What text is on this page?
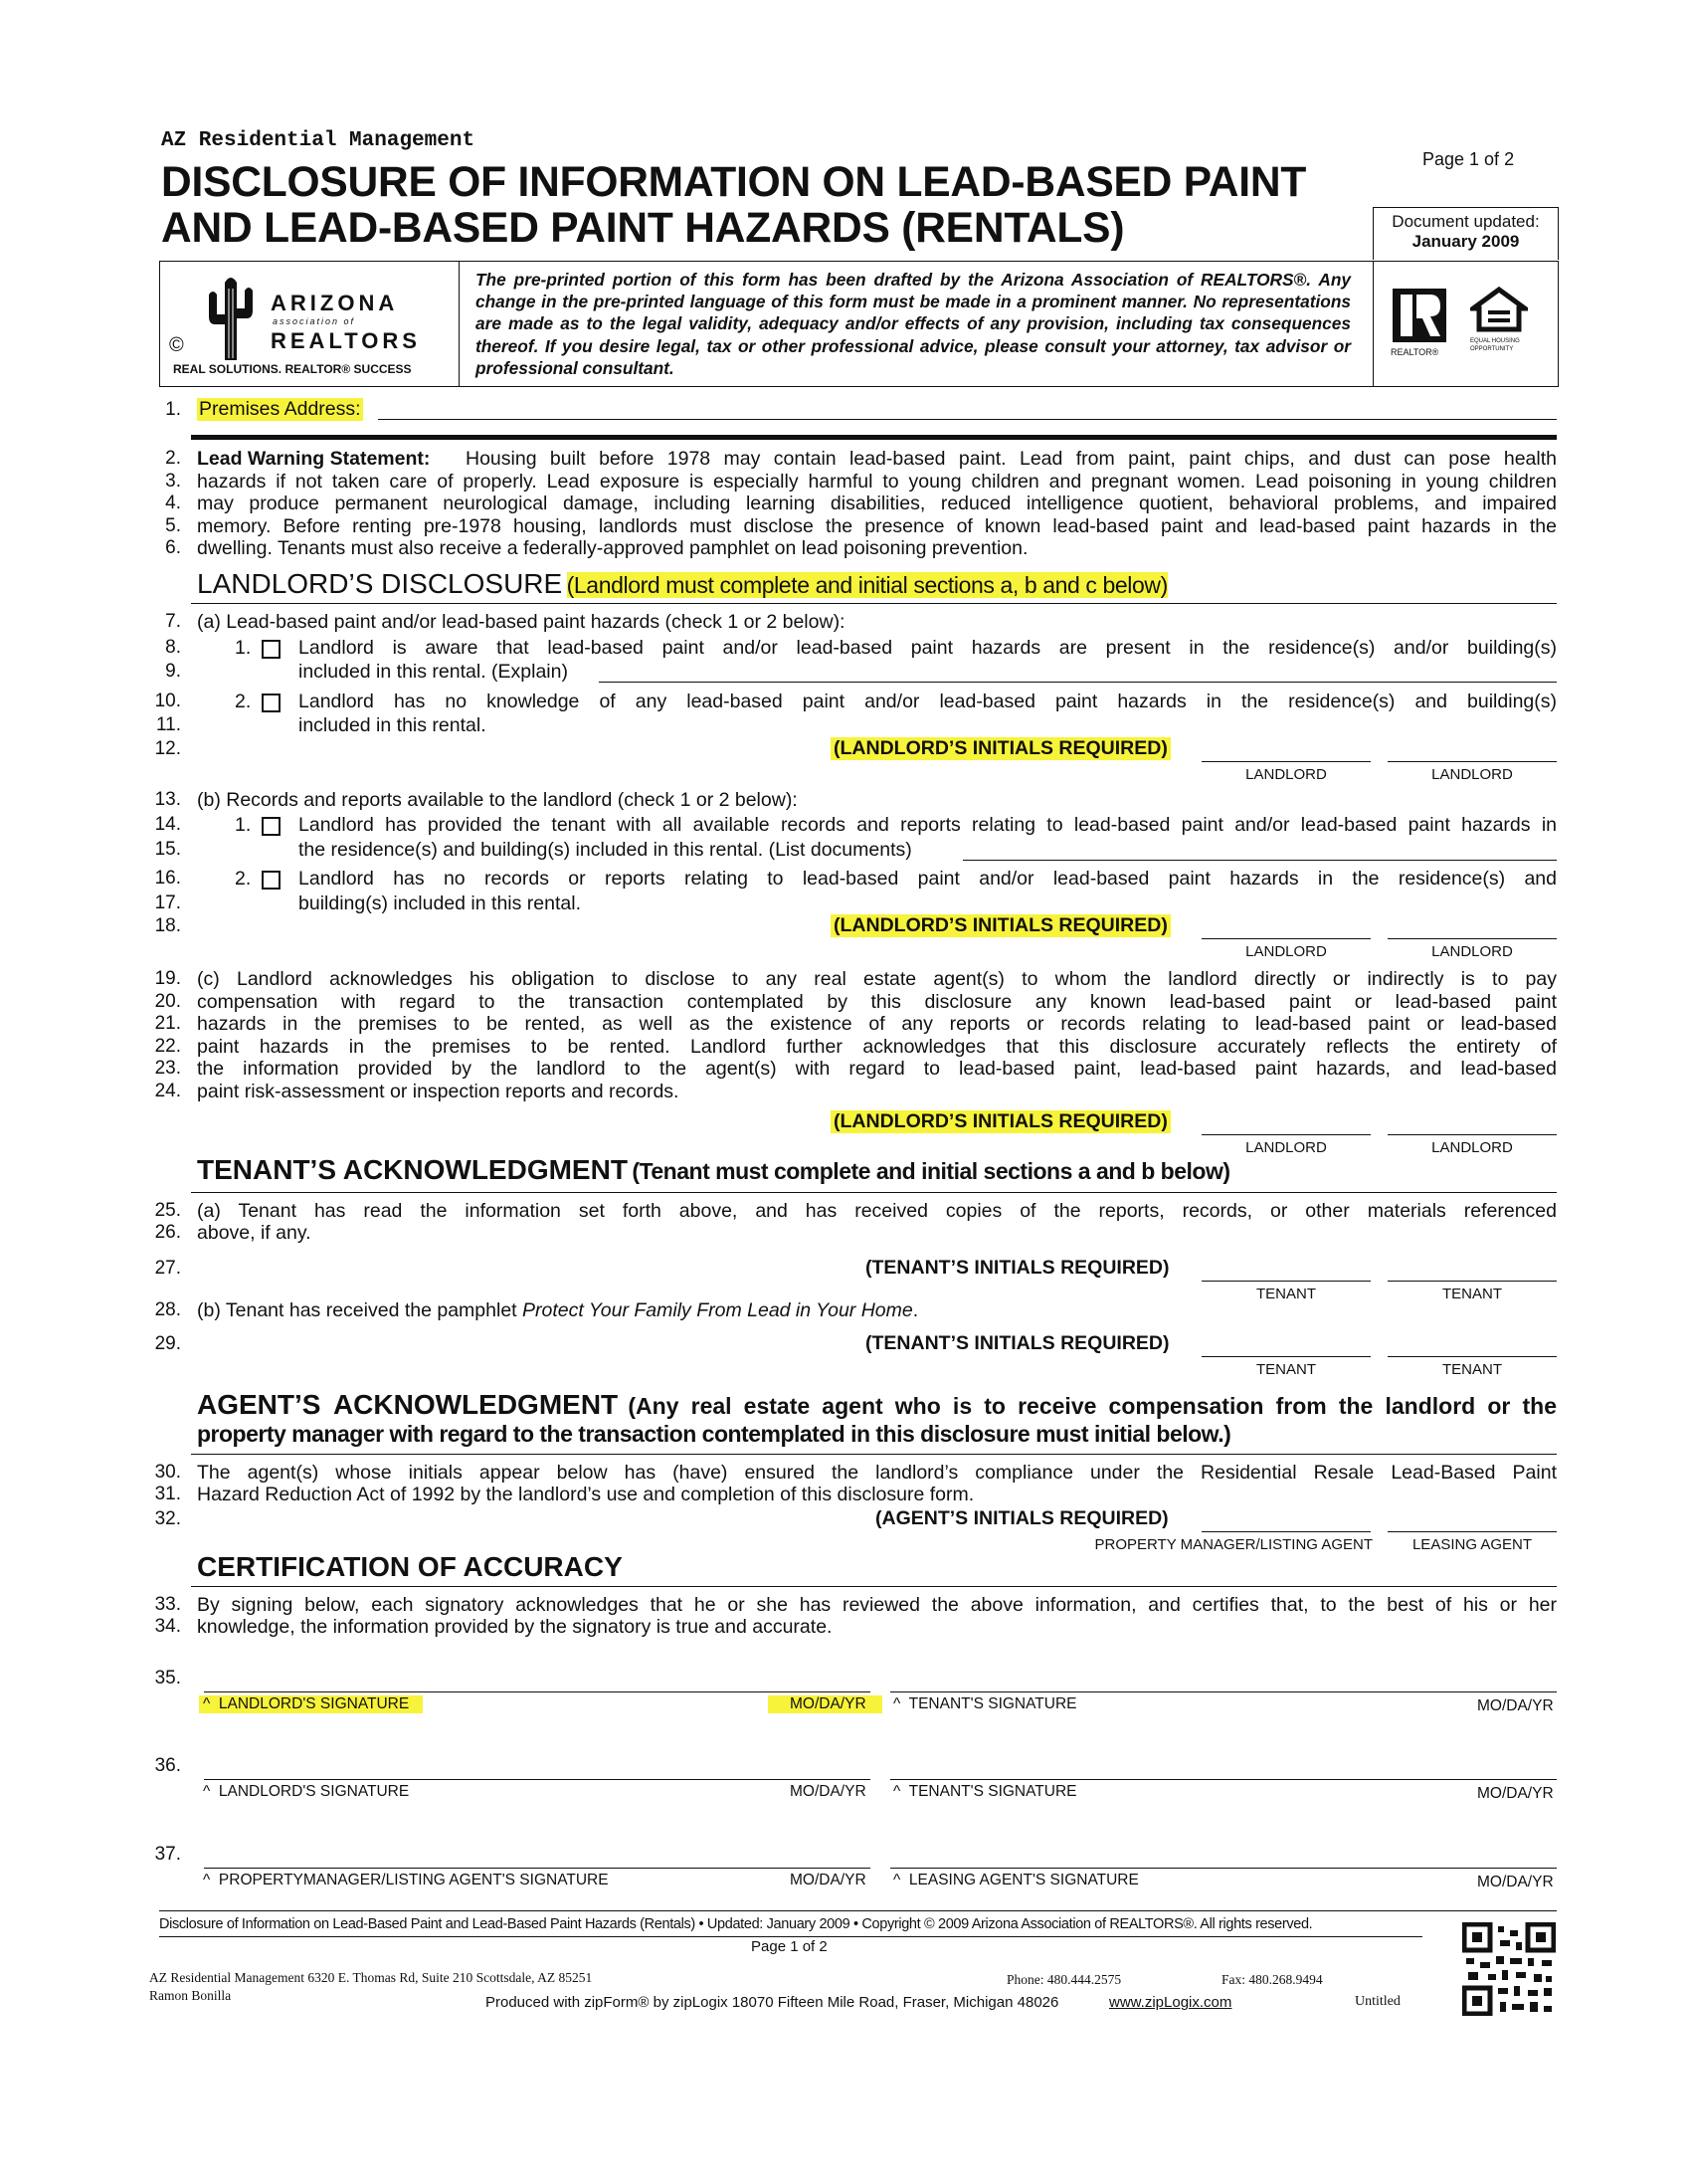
AZ Residential Management
DISCLOSURE OF INFORMATION ON LEAD-BASED PAINT
AND LEAD-BASED PAINT HAZARDS (RENTALS)
Page 1 of 2
Document updated:
January 2009
ARIZONA
association of
REALTORS
©
REAL SOLUTIONS. REALTOR® SUCCESS
The pre-printed portion of this form has been drafted by the Arizona Association of REALTORS®. Any change in the pre-printed language of this form must be made in a prominent manner. No representations are made as to the legal validity, adequacy and/or effects of any provision, including tax consequences thereof. If you desire legal, tax or other professional advice, please consult your attorney, tax advisor or professional consultant.
REALTOR®
EQUAL HOUSING OPPORTUNITY
1. Premises Address:
2.
3.
4.
5.
6.
Lead Warning Statement: Housing built before 1978 may contain lead-based paint. Lead from paint, paint chips, and dust can pose health
hazards if not taken care of properly. Lead exposure is especially harmful to young children and pregnant women. Lead poisoning in young children
may produce permanent neurological damage, including learning disabilities, reduced intelligence quotient, behavioral problems, and impaired
memory. Before renting pre-1978 housing, landlords must disclose the presence of known lead-based paint and lead-based paint hazards in the
dwelling. Tenants must also receive a federally-approved pamphlet on lead poisoning prevention.
LANDLORD’S DISCLOSURE (Landlord must complete and initial sections a, b and c below)
7. (a) Lead-based paint and/or lead-based paint hazards (check 1 or 2 below):
8.	1. Landlord is aware that lead-based paint and/or lead-based paint hazards are present in the residence(s) and/or building(s)
9.	included in this rental. (Explain)
10.	2. Landlord has no knowledge of any lead-based paint and/or lead-based paint hazards in the residence(s) and building(s)
11.	included in this rental.
12.	(LANDLORD’S INITIALS REQUIRED)
LANDLORD	LANDLORD
13. (b) Records and reports available to the landlord (check 1 or 2 below):
14.	1. Landlord has provided the tenant with all available records and reports relating to lead-based paint and/or lead-based paint hazards in
15.	the residence(s) and building(s) included in this rental. (List documents)
16.	2. Landlord has no records or reports relating to lead-based paint and/or lead-based paint hazards in the residence(s) and
17.	building(s) included in this rental.
18.	(LANDLORD’S INITIALS REQUIRED)
LANDLORD	LANDLORD
19.
20.
21.
22.
23.
24.
(c) Landlord acknowledges his obligation to disclose to any real estate agent(s) to whom the landlord directly or indirectly is to pay
compensation with regard to the transaction contemplated by this disclosure any known lead-based paint or lead-based paint
hazards in the premises to be rented, as well as the existence of any reports or records relating to lead-based paint or lead-based
paint hazards in the premises to be rented. Landlord further acknowledges that this disclosure accurately reflects the entirety of
the information provided by the landlord to the agent(s) with regard to lead-based paint, lead-based paint hazards, and lead-based
paint risk-assessment or inspection reports and records.
(LANDLORD’S INITIALS REQUIRED)
LANDLORD	LANDLORD
TENANT’S ACKNOWLEDGMENT (Tenant must complete and initial sections a and b below)
25.
26.
(a) Tenant has read the information set forth above, and has received copies of the reports, records, or other materials referenced
above, if any.
27.	(TENANT’S INITIALS REQUIRED)
TENANT	TENANT
28. (b) Tenant has received the pamphlet Protect Your Family From Lead in Your Home.
29.	(TENANT’S INITIALS REQUIRED)
TENANT	TENANT
AGENT’S ACKNOWLEDGMENT (Any real estate agent who is to receive compensation from the landlord or the
property manager with regard to the transaction contemplated in this disclosure must initial below.)
30.
31.
The agent(s) whose initials appear below has (have) ensured the landlord’s compliance under the Residential Resale Lead-Based Paint
Hazard Reduction Act of 1992 by the landlord’s use and completion of this disclosure form.
32.	(AGENT’S INITIALS REQUIRED)
PROPERTY MANAGER/LISTING AGENT	LEASING AGENT
CERTIFICATION OF ACCURACY
33.
34.
By signing below, each signatory acknowledges that he or she has reviewed the above information, and certifies that, to the best of his or her
knowledge, the information provided by the signatory is true and accurate.
35.
^ LANDLORD'S SIGNATURE	MO/DA/YR	^ TENANT'S SIGNATURE	MO/DA/YR
36.
^ LANDLORD'S SIGNATURE	MO/DA/YR ^ TENANT'S SIGNATURE	MO/DA/YR
37.
^ PROPERTYMANAGER/LISTING AGENT'S SIGNATURE	MO/DA/YR ^ LEASING AGENT'S SIGNATURE	MO/DA/YR
Disclosure of Information on Lead-Based Paint and Lead-Based Paint Hazards (Rentals) • Updated: January 2009 • Copyright © 2009 Arizona Association of REALTORS®. All rights reserved.
Page 1 of 2
AZ Residential Management 6320 E. Thomas Rd, Suite 210 Scottsdale, AZ 85251
Ramon Bonilla
Phone: 480.444.2575	Fax: 480.268.9494
Produced with zipForm® by zipLogix 18070 Fifteen Mile Road, Fraser, Michigan 48026	www.zipLogix.com	Untitled
